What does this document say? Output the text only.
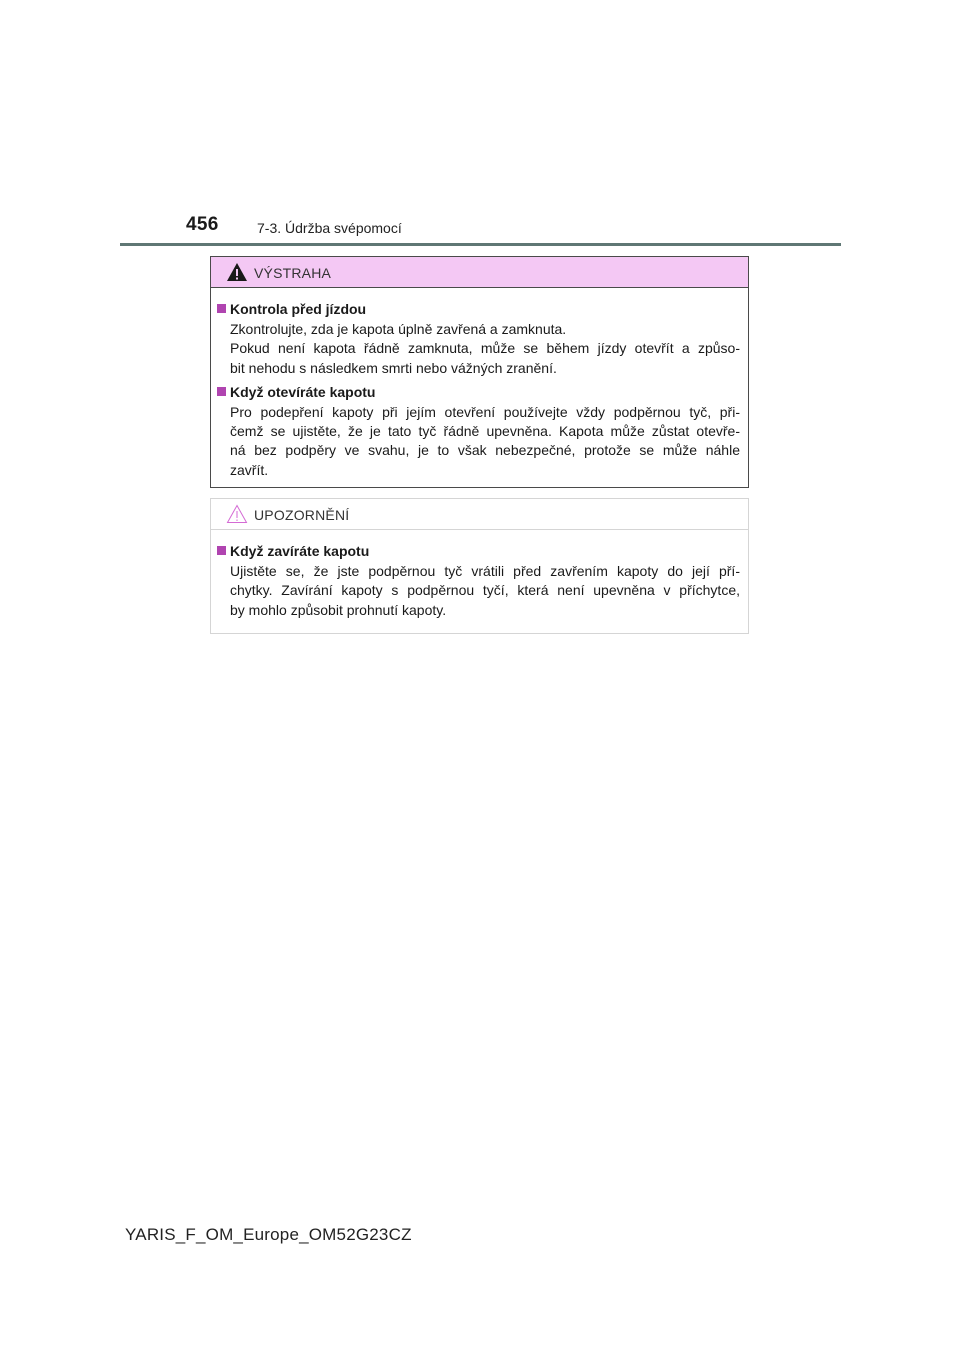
456	7-3. Údržba svépomocí
VÝSTRAHA
Kontrola před jízdou
Zkontrolujte, zda je kapota úplně zavřená a zamknuta.
Pokud není kapota řádně zamknuta, může se během jízdy otevřít a způso-
bit nehodu s následkem smrti nebo vážných zranění.
Když otevíráte kapotu
Pro podepření kapoty při jejím otevření používejte vždy podpěrnou tyč, při-
čemž se ujistěte, že je tato tyč řádně upevněna. Kapota může zůstat otevře-
ná bez podpěry ve svahu, je to však nebezpečné, protože se může náhle
zavřít.
UPOZORNĚNÍ
Když zavíráte kapotu
Ujistěte se, že jste podpěrnou tyč vrátili před zavřením kapoty do její pří-
chytky. Zavírání kapoty s podpěrnou tyčí, která není upevněna v příchytce,
by mohlo způsobit prohnutí kapoty.
YARIS_F_OM_Europe_OM52G23CZ
